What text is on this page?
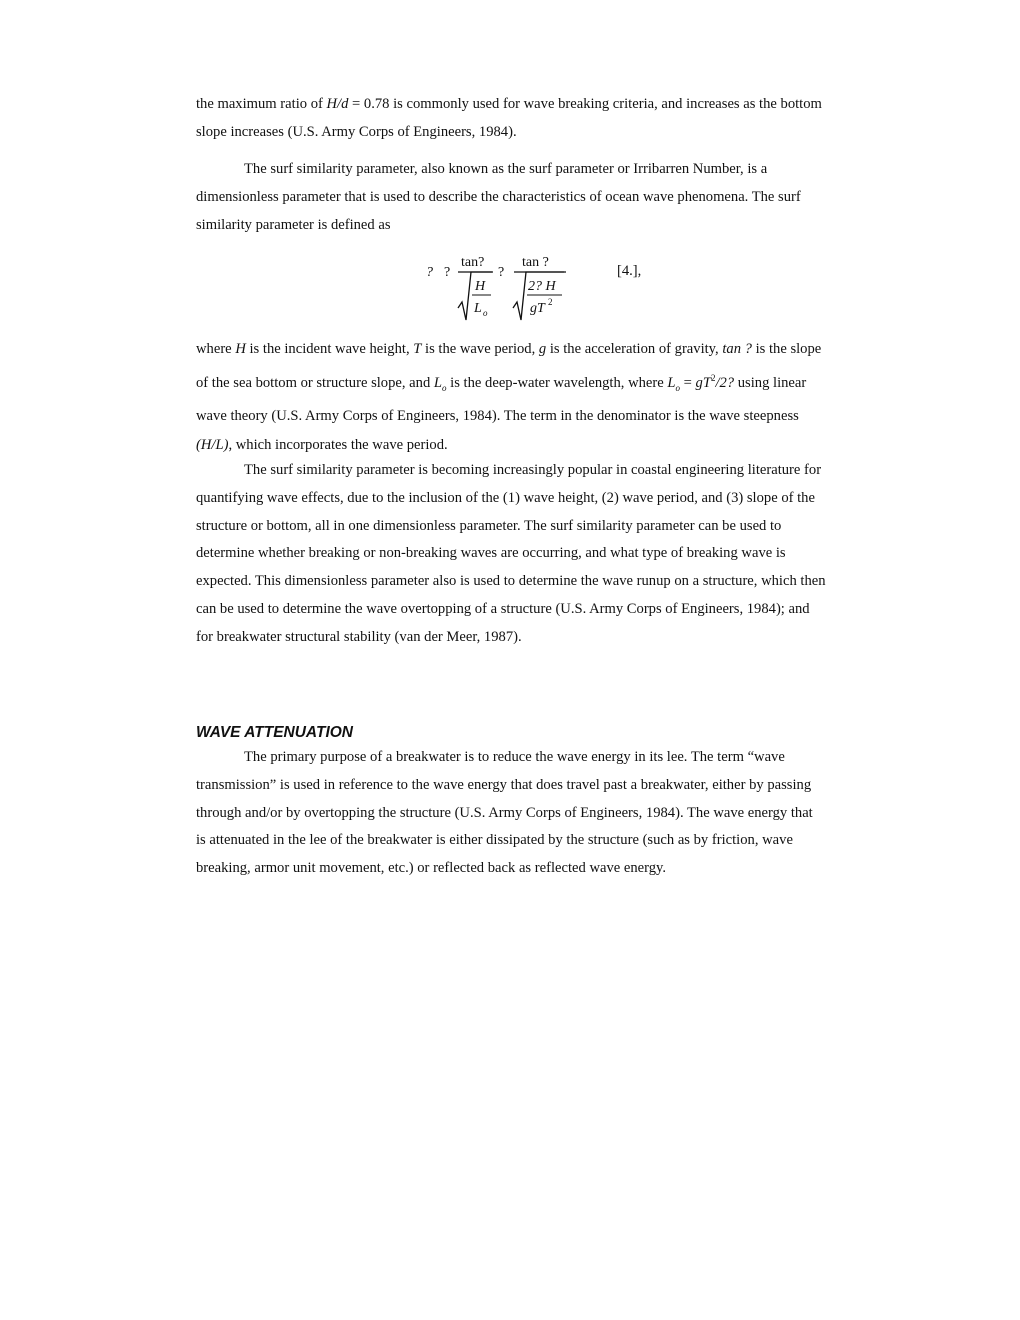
the maximum ratio of H/d = 0.78 is commonly used for wave breaking criteria, and increases as the bottom slope increases (U.S. Army Corps of Engineers, 1984).

The surf similarity parameter, also known as the surf parameter or Irribarren Number, is a dimensionless parameter that is used to describe the characteristics of ocean wave phenomena. The surf similarity parameter is defined as

? ?
tan?
H
L o
?
tan ?
2? H
gT 2
[4.],

where H is the incident wave height, T is the wave period, g is the acceleration of gravity, tan ? is the slope of the sea bottom or structure slope, and $L_o$ is the deep-water wavelength, where $L_o = gT^2/2$? using linear wave theory (U.S. Army Corps of Engineers, 1984). The term in the denominator is the wave steepness (H/L), which incorporates the wave period.

The surf similarity parameter is becoming increasingly popular in coastal engineering literature for quantifying wave effects, due to the inclusion of the (1) wave height, (2) wave period, and (3) slope of the structure or bottom, all in one dimensionless parameter. The surf similarity parameter can be used to determine whether breaking or non-breaking waves are occurring, and what type of breaking wave is expected. This dimensionless parameter also is used to determine the wave runup on a structure, which then can be used to determine the wave overtopping of a structure (U.S. Army Corps of Engineers, 1984); and for breakwater structural stability (van der Meer, 1987).

WAVE ATTENUATION

The primary purpose of a breakwater is to reduce the wave energy in its lee. The term “wave transmission” is used in reference to the wave energy that does travel past a breakwater, either by passing through and/or by overtopping the structure (U.S. Army Corps of Engineers, 1984). The wave energy that is attenuated in the lee of the breakwater is either dissipated by the structure (such as by friction, wave breaking, armor unit movement, etc.) or reflected back as reflected wave energy.
